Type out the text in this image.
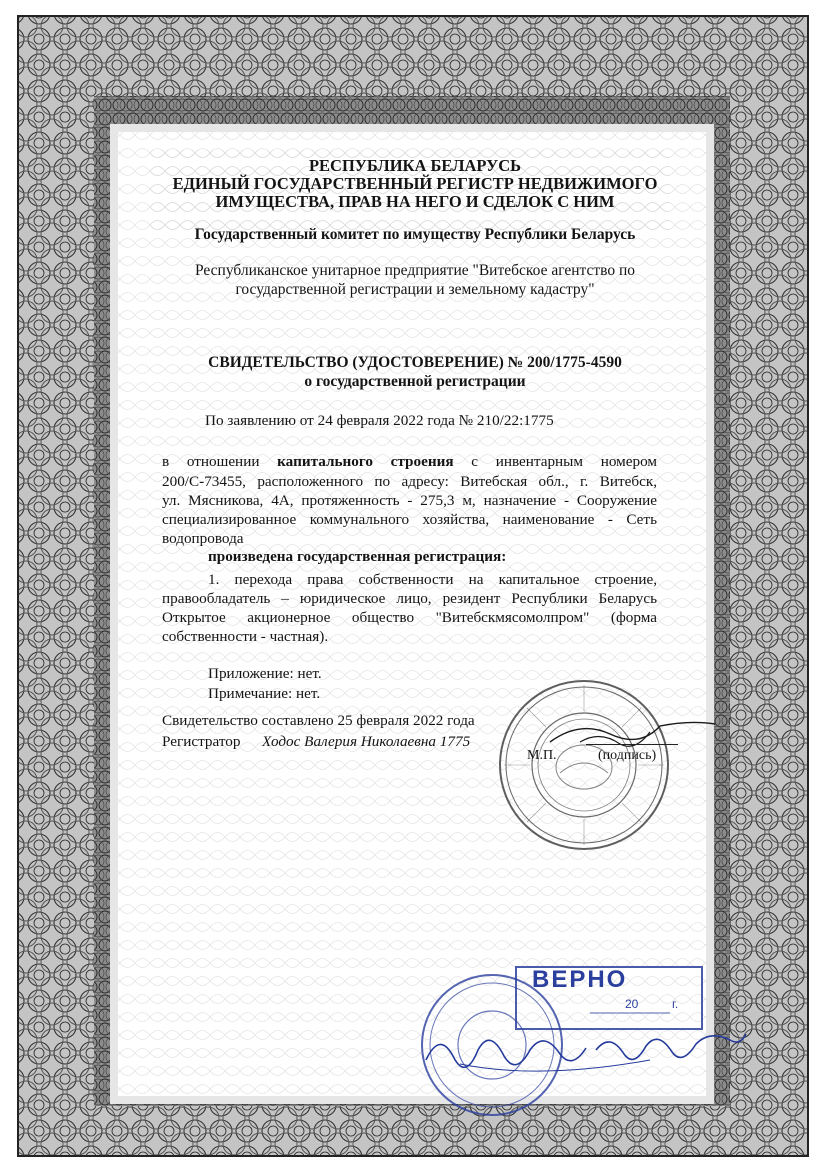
РЕСПУБЛИКА БЕЛАРУСЬ
ЕДИНЫЙ ГОСУДАРСТВЕННЫЙ РЕГИСТР НЕДВИЖИМОГО
ИМУЩЕСТВА, ПРАВ НА НЕГО И СДЕЛОК С НИМ
Государственный комитет по имуществу Республики Беларусь
Республиканское унитарное предприятие "Витебское агентство по
государственной регистрации и земельному кадастру"
СВИДЕТЕЛЬСТВО (УДОСТОВЕРЕНИЕ) № 200/1775-4590
о государственной регистрации
По заявлению от 24 февраля 2022 года № 210/22:1775
в отношении капитального строения с инвентарным номером
200/С-73455, расположенного по адресу: Витебская обл., г. Витебск,
ул. Мясникова, 4А, протяженность - 275,3 м, назначение - Сооружение
специализированное коммунального хозяйства, наименование - Сеть
водопровода
произведена государственная регистрация:
1. перехода права собственности на капитальное строение,
правообладатель – юридическое лицо, резидент Республики Беларусь
Открытое акционерное общество "Витебскмясомолпром" (форма
собственности - частная).
Приложение: нет.
Примечание: нет.
Свидетельство составлено 25 февраля 2022 года
Регистратор Ходос Валерия Николаевна 1775
М.П.	(подпись)
ВЕРНО
20	г.
